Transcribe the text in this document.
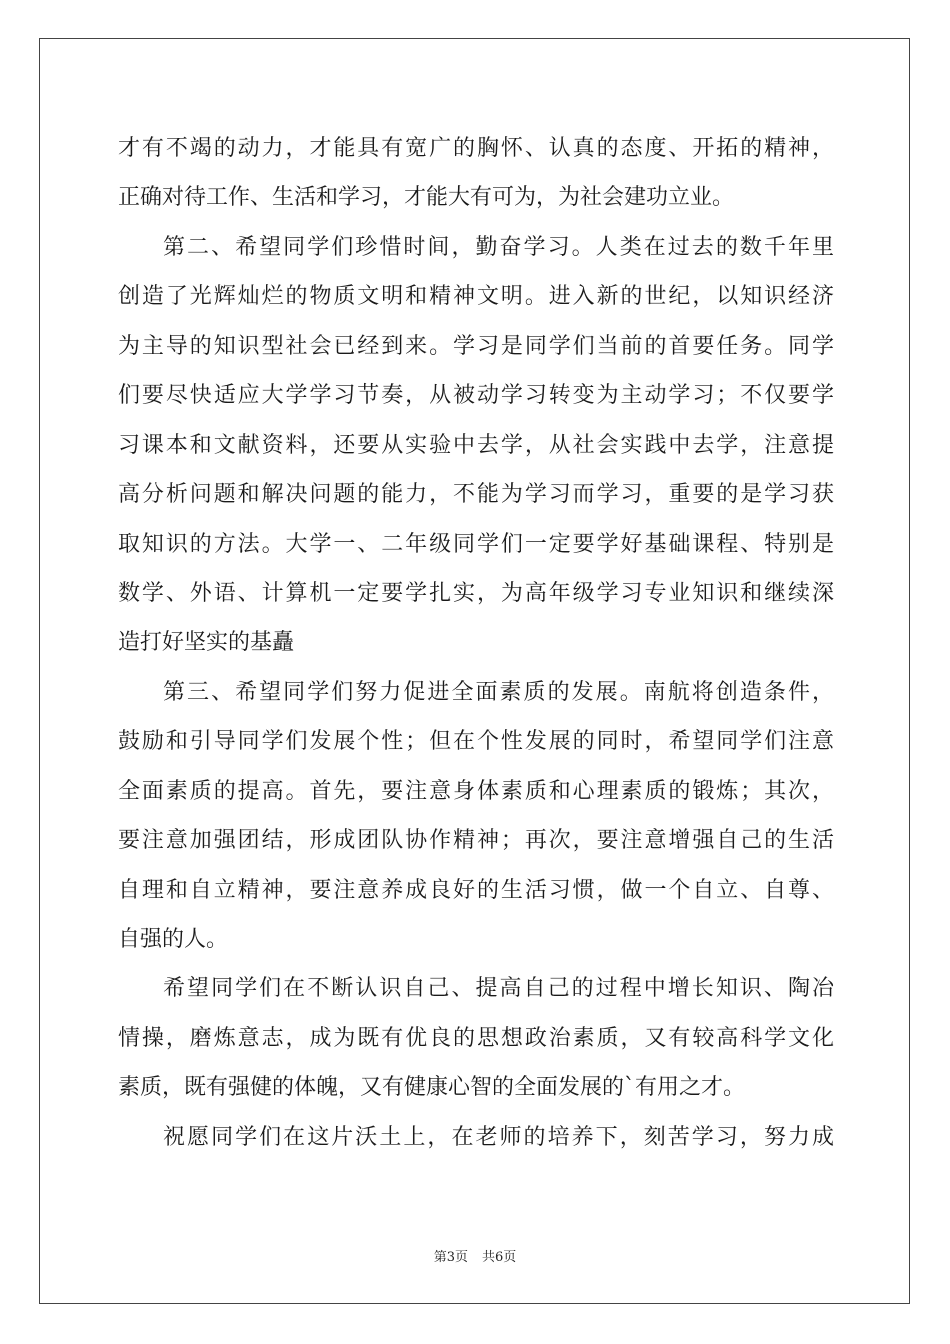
才有不竭的动力，才能具有宽广的胸怀、认真的态度、开拓的精神，
正确对待工作、生活和学习，才能大有可为，为社会建功立业。
第二、希望同学们珍惜时间，勤奋学习。人类在过去的数千年里
创造了光辉灿烂的物质文明和精神文明。进入新的世纪，以知识经济
为主导的知识型社会已经到来。学习是同学们当前的首要任务。同学
们要尽快适应大学学习节奏，从被动学习转变为主动学习；不仅要学
习课本和文献资料，还要从实验中去学，从社会实践中去学，注意提
高分析问题和解决问题的能力，不能为学习而学习，重要的是学习获
取知识的方法。大学一、二年级同学们一定要学好基础课程、特别是
数学、外语、计算机一定要学扎实，为高年级学习专业知识和继续深
造打好坚实的基矗
第三、希望同学们努力促进全面素质的发展。南航将创造条件，
鼓励和引导同学们发展个性；但在个性发展的同时，希望同学们注意
全面素质的提高。首先，要注意身体素质和心理素质的锻炼；其次，
要注意加强团结，形成团队协作精神；再次，要注意增强自己的生活
自理和自立精神，要注意养成良好的生活习惯，做一个自立、自尊、
自强的人。
希望同学们在不断认识自己、提高自己的过程中增长知识、陶冶
情操，磨炼意志，成为既有优良的思想政治素质，又有较高科学文化
素质，既有强健的体魄，又有健康心智的全面发展的`有用之才。
祝愿同学们在这片沃土上，在老师的培养下，刻苦学习，努力成
第3页 共6页
